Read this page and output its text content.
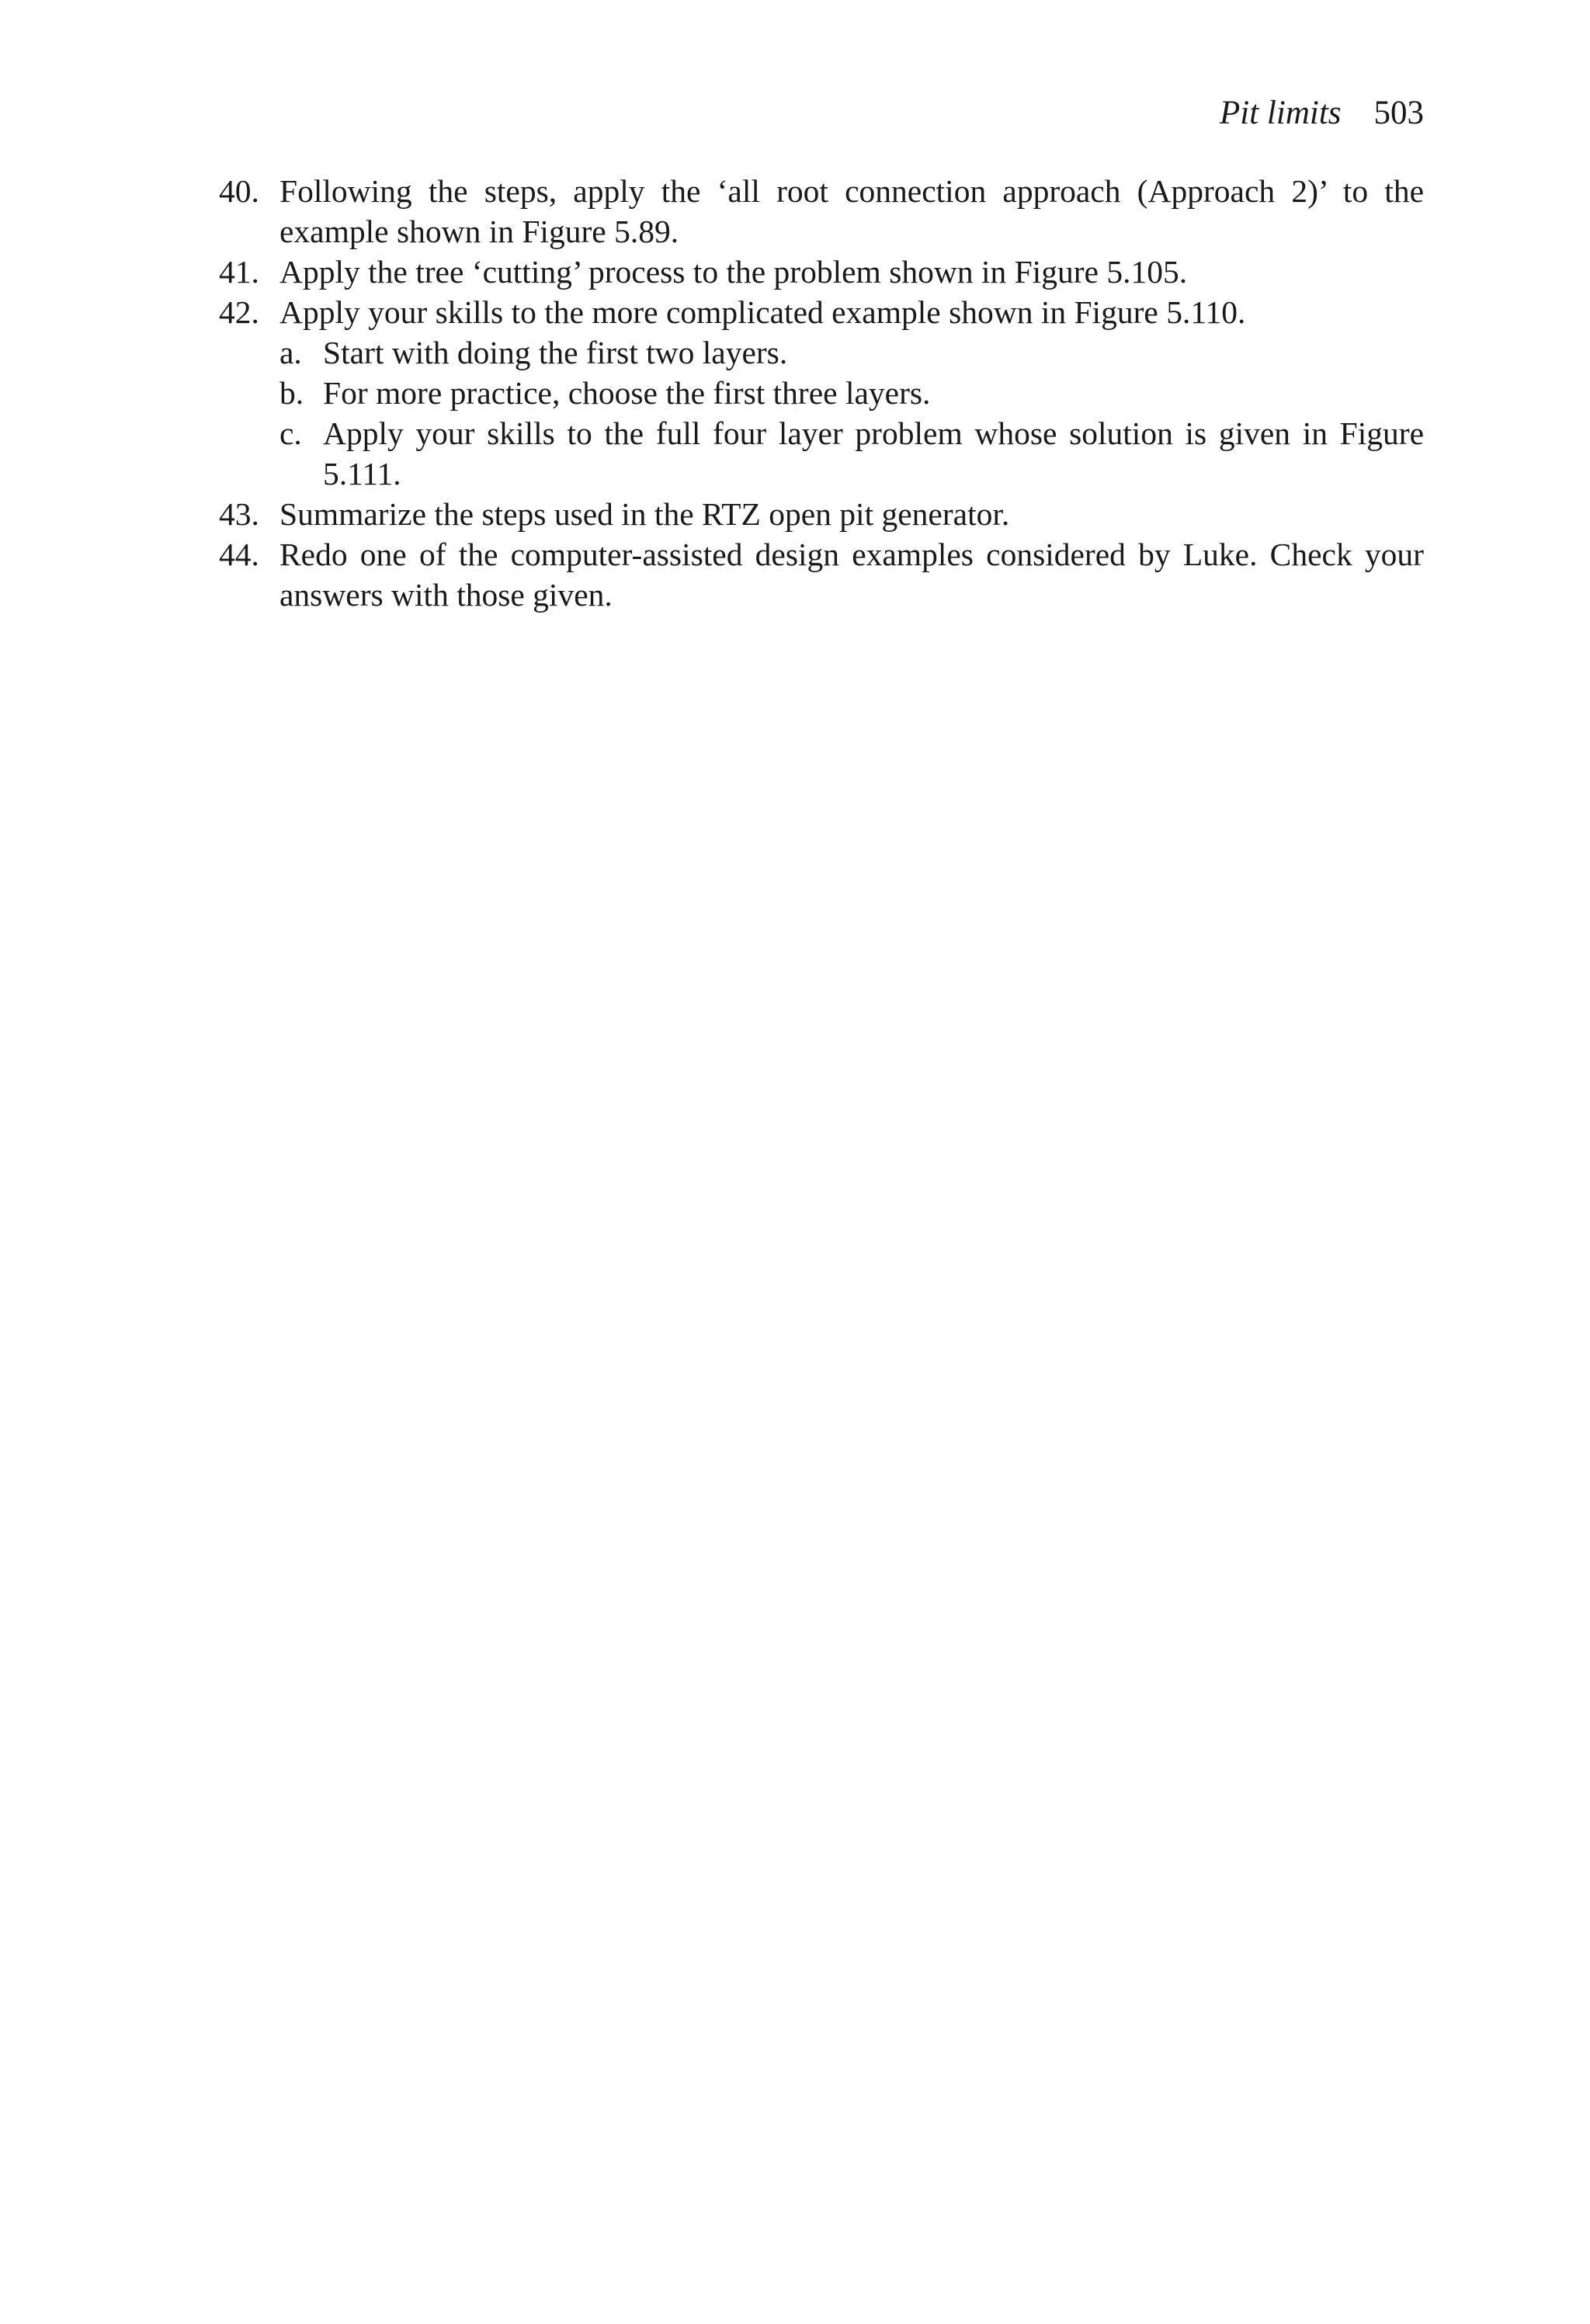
Pit limits 503
40. Following the steps, apply the ‘all root connection approach (Approach 2)’ to the example shown in Figure 5.89.
41. Apply the tree ‘cutting’ process to the problem shown in Figure 5.105.
42. Apply your skills to the more complicated example shown in Figure 5.110.
a. Start with doing the first two layers.
b. For more practice, choose the first three layers.
c. Apply your skills to the full four layer problem whose solution is given in Figure 5.111.
43. Summarize the steps used in the RTZ open pit generator.
44. Redo one of the computer-assisted design examples considered by Luke. Check your answers with those given.
